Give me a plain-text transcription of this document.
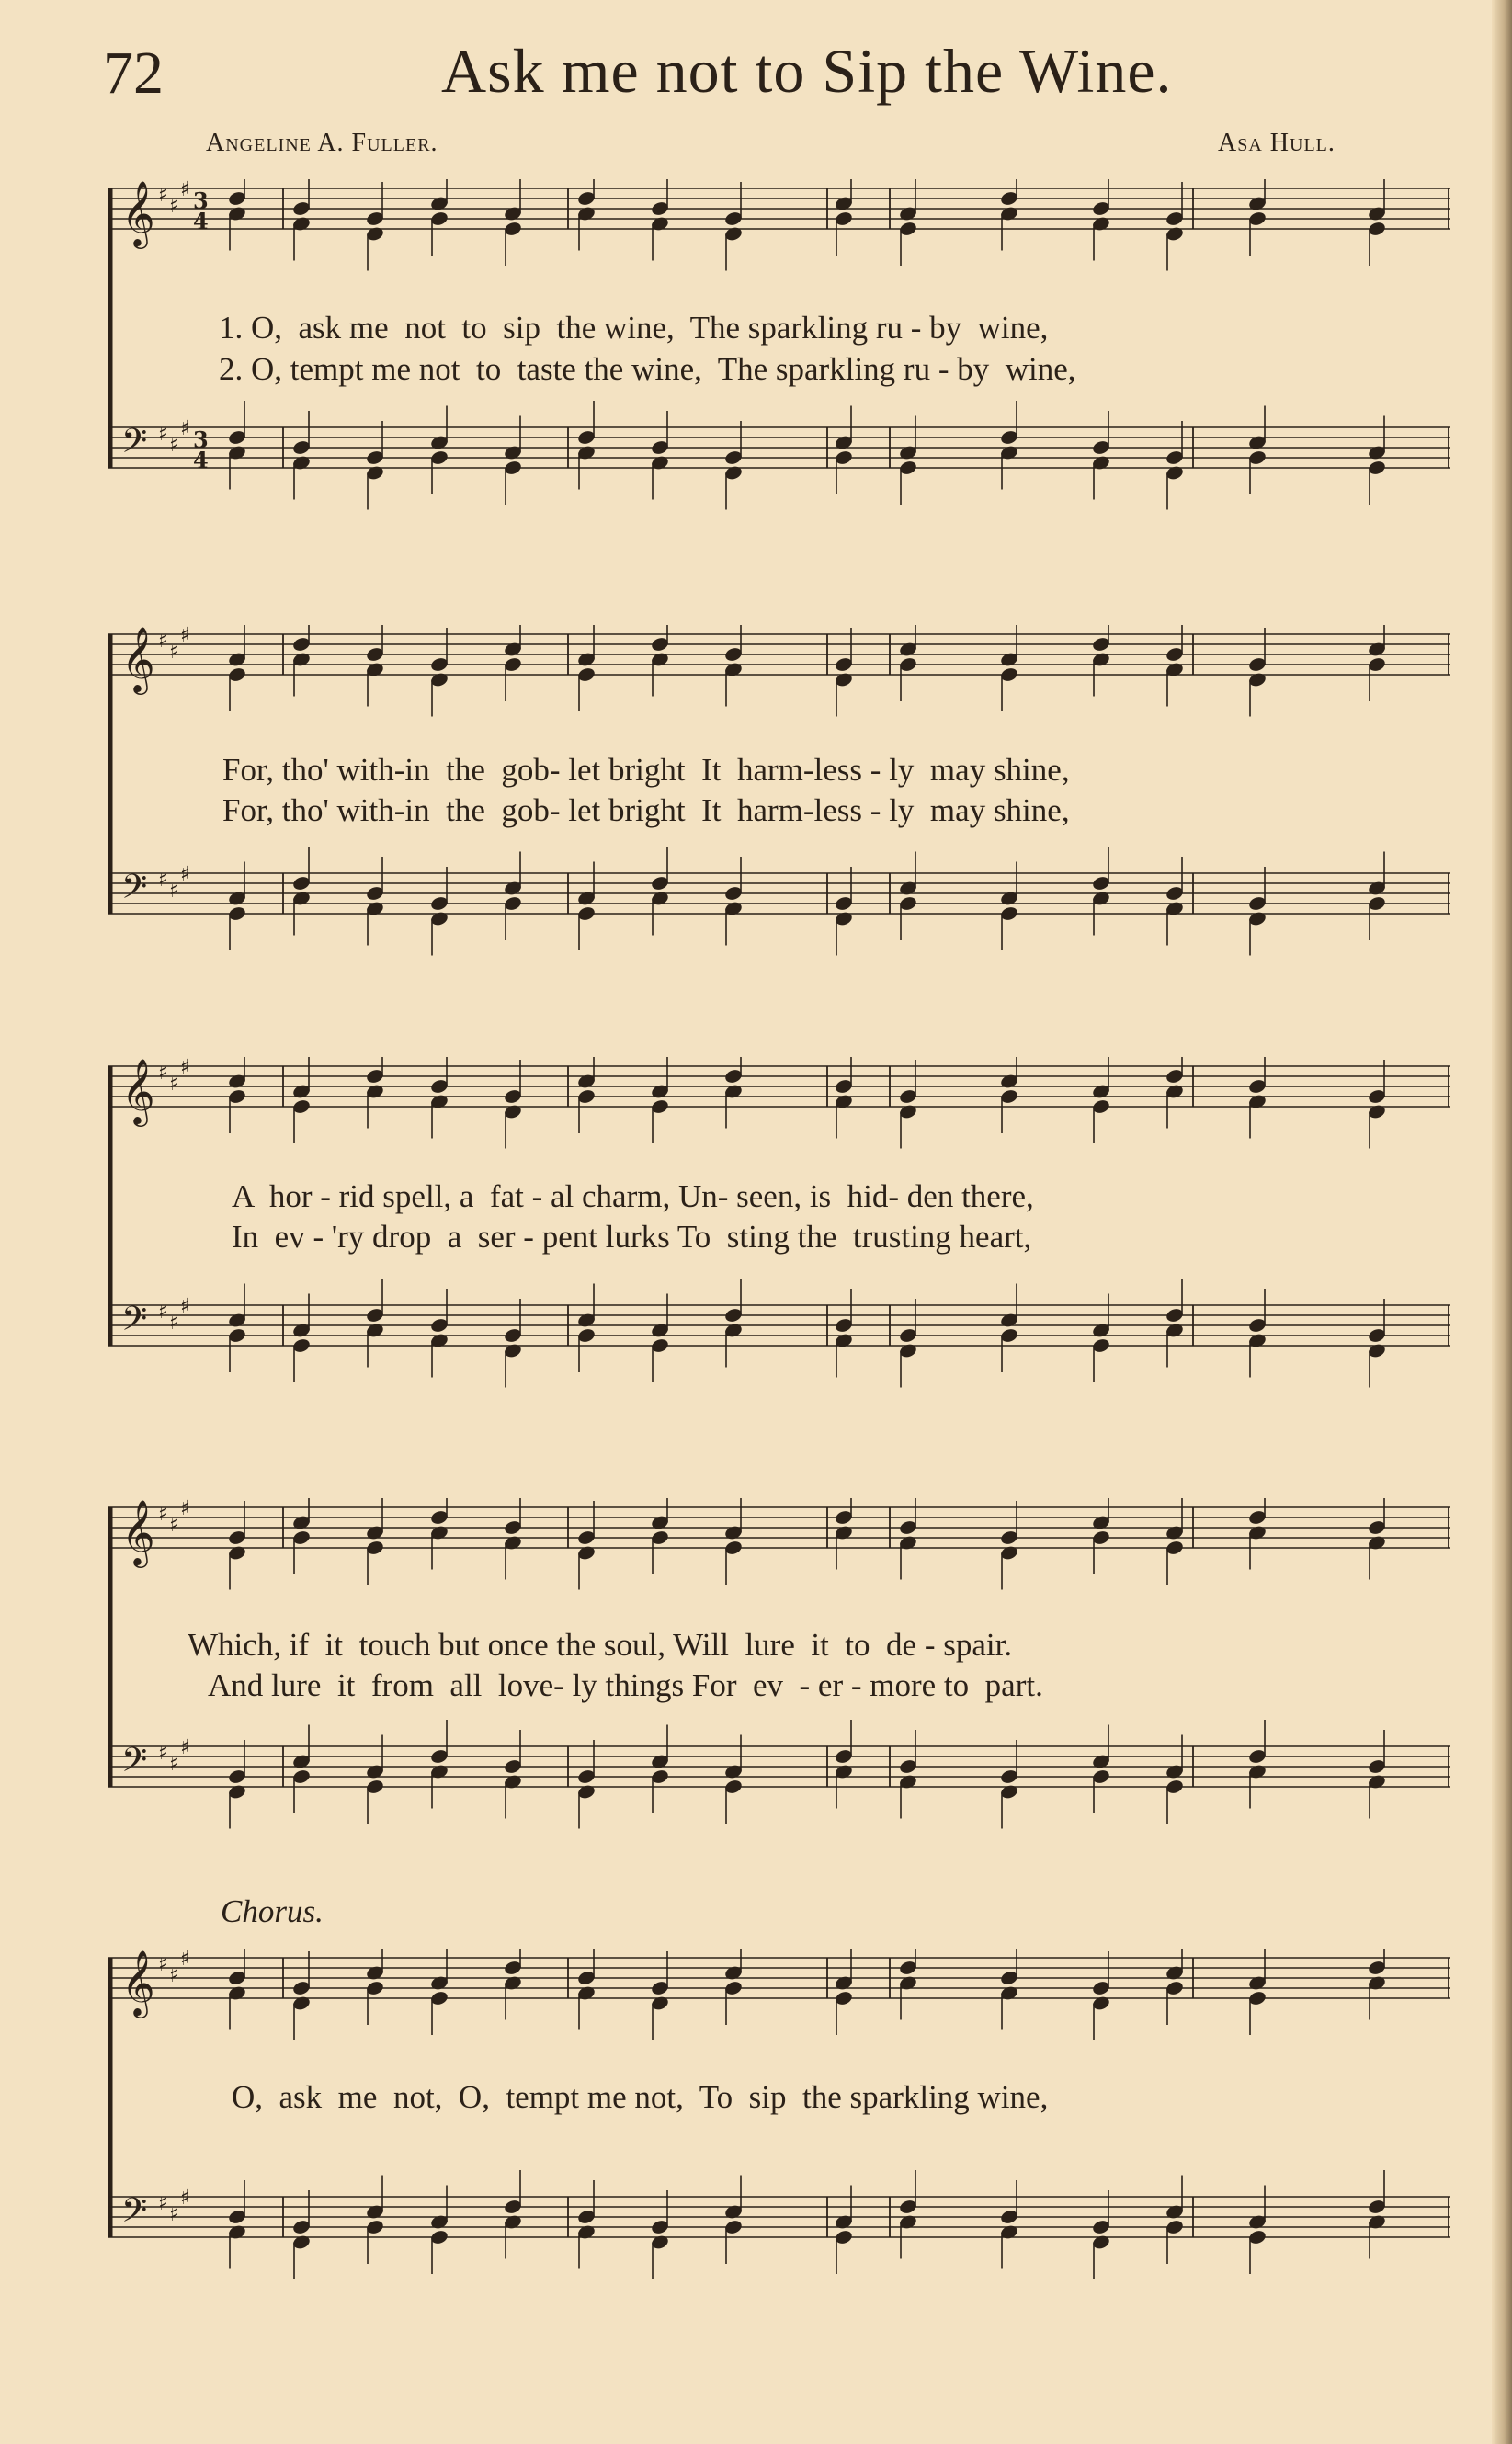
72	Ask me not to Sip the Wine.
Angeline A. Fuller.	Asa Hull.
𝄞 ♯ ♯
♯ 3
4
𝄢 ♯ ♯
♯ 3
4
1. O,  ask me  not  to  sip  the wine,  The sparkling ru - by  wine,
2. O, tempt me not  to  taste the wine,  The sparkling ru - by  wine,
𝄞 ♯ ♯
♯
𝄢 ♯ ♯
♯
For, tho' with-in  the  gob- let bright  It  harm-less - ly  may shine,
For, tho' with-in  the  gob- let bright  It  harm-less - ly  may shine,
𝄞 ♯ ♯
♯
𝄢 ♯ ♯
♯
A  hor - rid spell, a  fat - al charm, Un- seen, is  hid- den there,
In  ev - 'ry drop  a  ser - pent lurks To  sting the  trusting heart,
𝄞 ♯ ♯
♯
𝄢 ♯ ♯
♯
Which, if  it  touch but once the soul, Will  lure  it  to  de - spair.
And lure  it  from  all  love- ly things For  ev  - er - more to  part.
Chorus.
𝄞 ♯ ♯
♯
𝄢 ♯ ♯
♯
O,  ask  me  not,  O,  tempt me not,  To  sip  the sparkling wine,
